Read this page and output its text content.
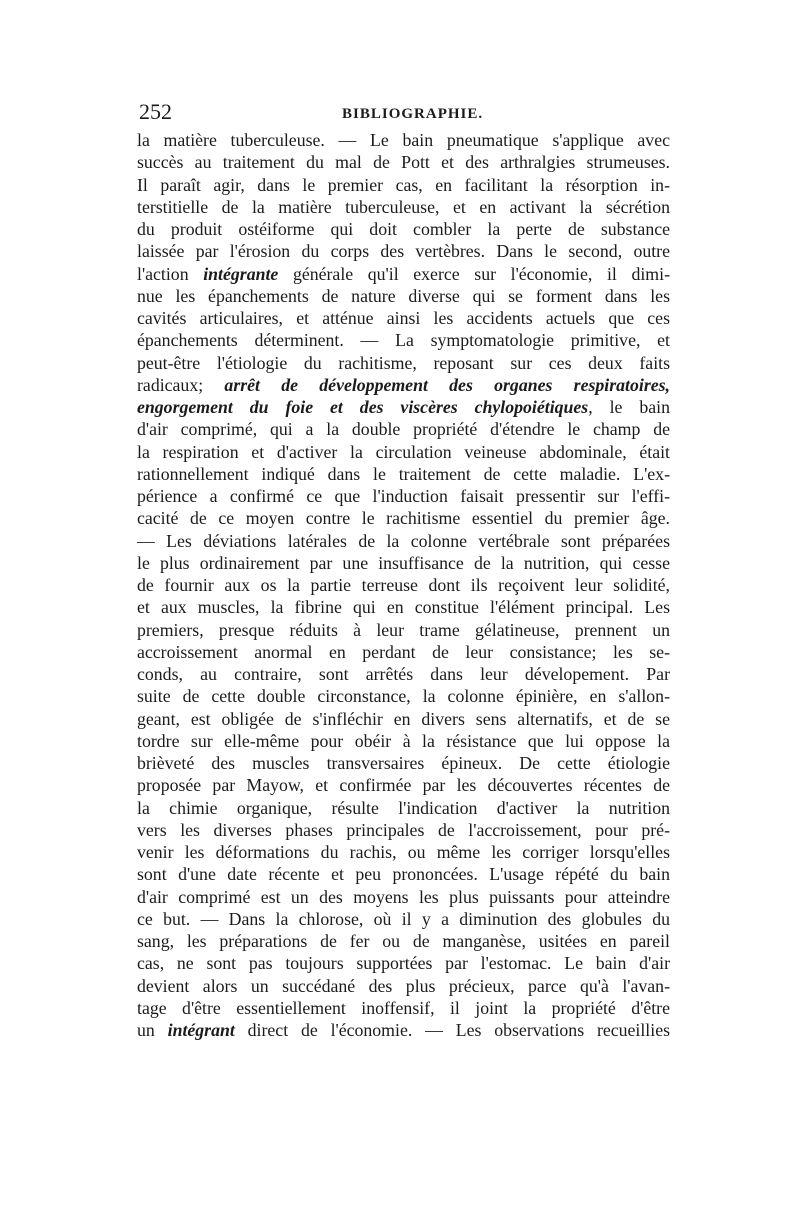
252	BIBLIOGRAPHIE.
la matière tuberculeuse. — Le bain pneumatique s'applique avec
succès au traitement du mal de Pott et des arthralgies strumeuses.
Il paraît agir, dans le premier cas, en facilitant la résorption in-
terstitielle de la matière tuberculeuse, et en activant la sécrétion
du produit ostéiforme qui doit combler la perte de substance
laissée par l'érosion du corps des vertèbres. Dans le second, outre
l'action intégrante générale qu'il exerce sur l'économie, il dimi-
nue les épanchements de nature diverse qui se forment dans les
cavités articulaires, et atténue ainsi les accidents actuels que ces
épanchements déterminent. — La symptomatologie primitive, et
peut-être l'étiologie du rachitisme, reposant sur ces deux faits
radicaux; arrêt de développement des organes respiratoires,
engorgement du foie et des viscères chylopoiétiques, le bain
d'air comprimé, qui a la double propriété d'étendre le champ de
la respiration et d'activer la circulation veineuse abdominale, était
rationnellement indiqué dans le traitement de cette maladie. L'ex-
périence a confirmé ce que l'induction faisait pressentir sur l'effi-
cacité de ce moyen contre le rachitisme essentiel du premier âge.
— Les déviations latérales de la colonne vertébrale sont préparées
le plus ordinairement par une insuffisance de la nutrition, qui cesse
de fournir aux os la partie terreuse dont ils reçoivent leur solidité,
et aux muscles, la fibrine qui en constitue l'élément principal. Les
premiers, presque réduits à leur trame gélatineuse, prennent un
accroissement anormal en perdant de leur consistance; les se-
conds, au contraire, sont arrêtés dans leur dévelopement. Par
suite de cette double circonstance, la colonne épinière, en s'allon-
geant, est obligée de s'infléchir en divers sens alternatifs, et de se
tordre sur elle-même pour obéir à la résistance que lui oppose la
brièveté des muscles transversaires épineux. De cette étiologie
proposée par Mayow, et confirmée par les découvertes récentes de
la chimie organique, résulte l'indication d'activer la nutrition
vers les diverses phases principales de l'accroissement, pour pré-
venir les déformations du rachis, ou même les corriger lorsqu'elles
sont d'une date récente et peu prononcées. L'usage répété du bain
d'air comprimé est un des moyens les plus puissants pour atteindre
ce but. — Dans la chlorose, où il y a diminution des globules du
sang, les préparations de fer ou de manganèse, usitées en pareil
cas, ne sont pas toujours supportées par l'estomac. Le bain d'air
devient alors un succédané des plus précieux, parce qu'à l'avan-
tage d'être essentiellement inoffensif, il joint la propriété d'être
un intégrant direct de l'économie. — Les observations recueillies
